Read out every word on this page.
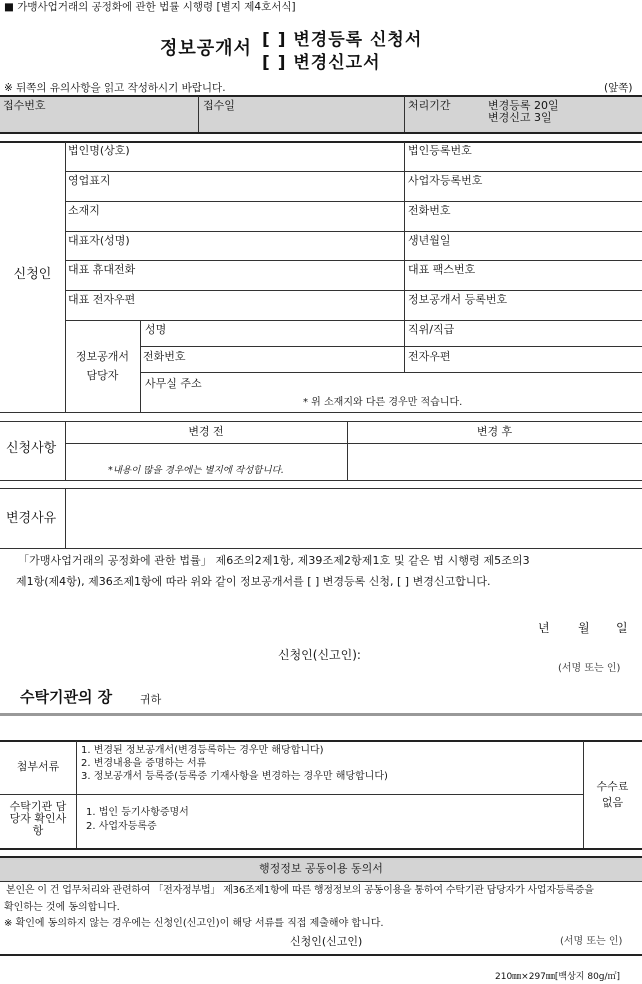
■ 가맹사업거래의 공정화에 관한 법률 시행령 [별지 제4호서식]
정보공개서 [ ] 변경등록 신청서
[ ] 변경신고서
※ 뒤쪽의 유의사항을 읽고 작성하시기 바랍니다.	(앞쪽)
접수번호	접수일	처리기간	변경등록 20일
변경신고 3일
신청인
법인명(상호)	법인등록번호
영업표지	사업자등록번호
소재지	전화번호
대표자(성명)	생년월일
대표 휴대전화	대표 팩스번호
대표 전자우편	정보공개서 등록번호
정보공개서
담당자
성명	직위/직급
전화번호	전자우편
사무실 주소
* 위 소재지와 다른 경우만 적습니다.
신청사항
변경 전	변경 후
*내용이 많을 경우에는 별지에 작성합니다.
변경사유
「가맹사업거래의 공정화에 관한 법률」 제6조의2제1항, 제39조제2항제1호 및 같은 법 시행령 제5조의3
제1항(제4항), 제36조제1항에 따라 위와 같이 정보공개서를 [ ] 변경등록 신청, [ ] 변경신고합니다.
년 월 일
신청인(신고인):
(서명 또는 인)
수탁기관의 장	귀하
첨부서류
1. 변경된 정보공개서(변경등록하는 경우만 해당합니다)
2. 변경내용을 증명하는 서류
3. 정보공개서 등록증(등록증 기재사항을 변경하는 경우만 해당합니다)
수탁기관 담
당자 확인사
항
1. 법인 등기사항증명서
2. 사업자등록증
수수료
없음
행정정보 공동이용 동의서
본인은 이 건 업무처리와 관련하여 「전자정부법」 제36조제1항에 따른 행정정보의 공동이용을 통하여 수탁기관 담당자가 사업자등록증을
확인하는 것에 동의합니다.
※ 확인에 동의하지 않는 경우에는 신청인(신고인)이 해당 서류를 직접 제출해야 합니다.
신청인(신고인)	(서명 또는 인)
210㎜×297㎜[백상지 80g/㎡]
